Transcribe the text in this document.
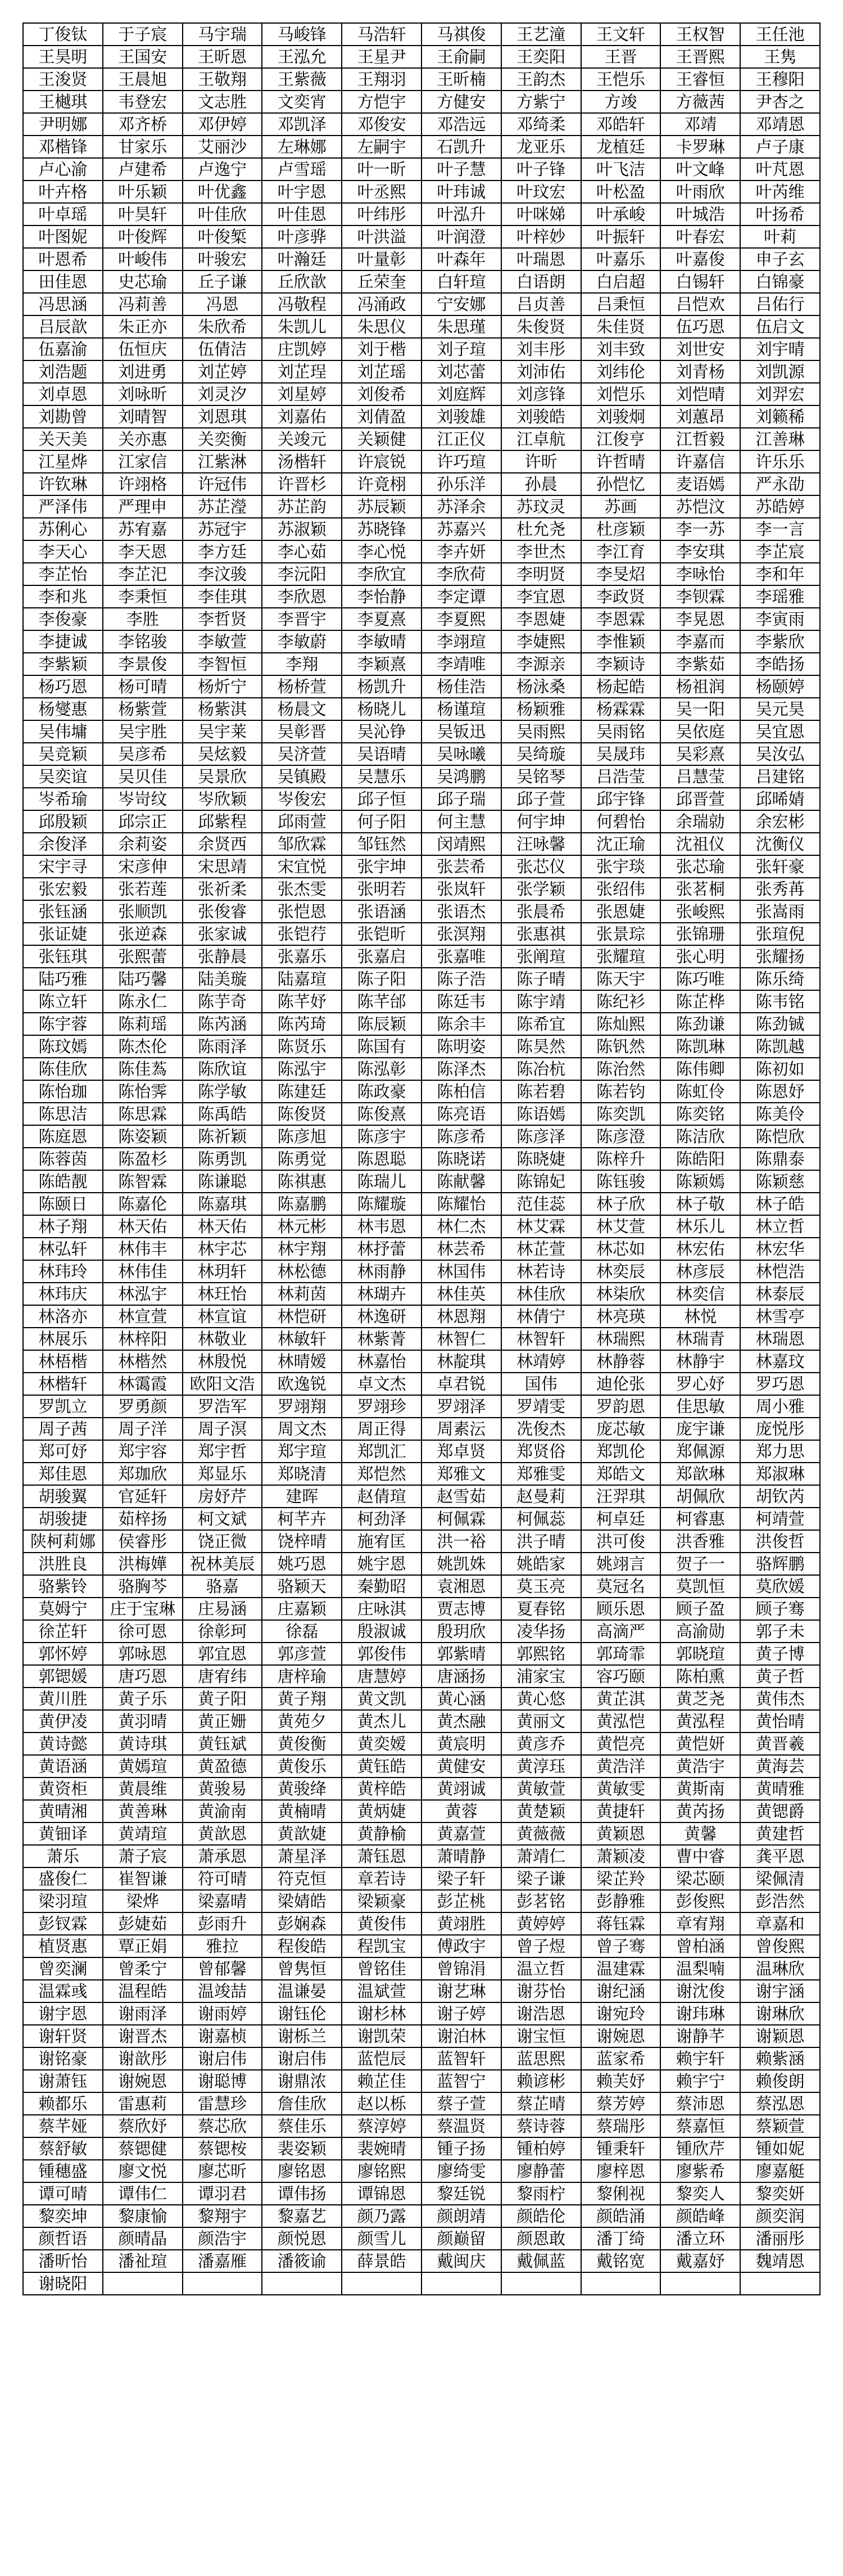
丁俊钛	于子宸	马宇瑞	马峻锋	马浩轩	马祺俊	王艺潼	王文轩	王权智	王任池
王昊明	王国安	王昕恩	王泓允	王星尹	王俞嗣	王奕阳	王晋	王晋熙	王隽
王浚贤	王晨旭	王敬翔	王紫薇	王翔羽	王昕楠	王韵杰	王恺乐	王睿恒	王穆阳
王樾琪	韦登宏	文志胜	文奕宵	方恺宇	方健安	方紫宁	方竣	方薇茜	尹杏之
尹明娜	邓齐桥	邓伊婷	邓凯泽	邓俊安	邓浩远	邓绮柔	邓皓轩	邓靖	邓靖恩
邓楷锋	甘家乐	艾丽沙	左琳娜	左嗣宇	石凯升	龙亚乐	龙植廷	卡罗琳	卢子康
卢心渝	卢建希	卢逸宁	卢雪瑶	叶一昕	叶子慧	叶子锋	叶飞洁	叶文峰	叶芃恩
叶卉格	叶乐颖	叶优鑫	叶宇恩	叶丞熙	叶玮诚	叶玟宏	叶松盈	叶雨欣	叶芮维
叶卓瑶	叶昊轩	叶佳欣	叶佳恩	叶纬彤	叶泓升	叶咪娣	叶承峻	叶城浩	叶扬希
叶图妮	叶俊辉	叶俊椠	叶彦骅	叶洪溢	叶润澄	叶梓妙	叶振轩	叶春宏	叶莉
叶恩希	叶峻伟	叶骏宏	叶瀚廷	叶量彰	叶森年	叶瑞恩	叶嘉乐	叶嘉俊	申子玄
田佳恩	史芯瑜	丘子谦	丘欣歆	丘荣奎	白轩瑄	白语朗	白启超	白锡轩	白锦豪
冯思涵	冯莉善	冯恩	冯敬程	冯涌政	宁安娜	吕贞善	吕秉恒	吕恺欢	吕佑行
吕辰歆	朱正亦	朱欣希	朱凯儿	朱思仪	朱思瑾	朱俊贤	朱佳贤	伍巧恩	伍启文
伍嘉渝	伍恒庆	伍倩洁	庄凯婷	刘于楷	刘子瑄	刘丰彤	刘丰致	刘世安	刘宇晴
刘浩题	刘进勇	刘芷婷	刘芷珵	刘芷瑶	刘芯蕾	刘沛佑	刘纬伦	刘青杨	刘凯源
刘卓恩	刘咏昕	刘灵汐	刘星婷	刘俊希	刘庭辉	刘彦锋	刘恺乐	刘恺晴	刘羿宏
刘勘曾	刘晴智	刘恩琪	刘嘉佑	刘倩盈	刘骏雄	刘骏皓	刘骏炯	刘蕙昂	刘籁稀
关天美	关亦惠	关奕衡	关竣元	关颖健	江正仪	江卓航	江俊亨	江哲毅	江善琳
江星烨	江家信	江紫淋	汤楷轩	许宸锐	许巧瑄	许昕	许哲晴	许嘉信	许乐乐
许钦琳	许翊格	许冠伟	许晋杉	许竟栩	孙乐洋	孙晨	孙恺忆	麦语嫣	严永劭
严泽伟	严理申	苏芷瀅	苏芷韵	苏辰颖	苏泽余	苏玟灵	苏画	苏恺汶	苏皓婷
苏俐心	苏宥嘉	苏冠宇	苏淑颖	苏晓锋	苏嘉兴	杜允尧	杜彦颖	李一苏	李一言
李天心	李天恩	李方廷	李心茹	李心悦	李卉妍	李世杰	李江育	李安琪	李芷宸
李芷怡	李芷汜	李汶骏	李沅阳	李欣宜	李欣荷	李明贤	李旻炤	李咏怡	李和年
李和兆	李秉恒	李佳琪	李欣恩	李怡静	李定谭	李宜恩	李政贤	李钡霖	李瑶雅
李俊豪	李胜	李哲贤	李晋宇	李夏熹	李夏熙	李恩婕	李恩霖	李晃恩	李寅雨
李捷诚	李铭骏	李敏萱	李敏蔚	李敏晴	李翊瑄	李婕熙	李惟颖	李嘉而	李紫欣
李紫颖	李景俊	李智恒	李翔	李颖熹	李靖唯	李源亲	李颖诗	李紫茹	李皓扬
杨巧恩	杨可晴	杨炘宁	杨桥萱	杨凯升	杨佳浩	杨泳桑	杨起皓	杨祖润	杨颐婷
杨燮惠	杨紫萱	杨紫淇	杨晨文	杨晓儿	杨谨瑄	杨颖雅	杨霖霖	吴一阳	吴元昊
吴伟墉	吴宇胜	吴宇莱	吴彰晋	吴沁铮	吴钣迅	吴雨熙	吴雨铭	吴依庭	吴宜恩
吴竞颖	吴彦希	吴炫毅	吴济萱	吴语晴	吴咏曦	吴绮璇	吴晟玮	吴彩熹	吴汝弘
吴奕谊	吴贝佳	吴景欣	吴镇殿	吴慧乐	吴鸿鹏	吴铭琴	吕浩莹	吕慧莹	吕建铭
岑希瑜	岑岢纹	岑欣颖	岑俊宏	邱子恒	邱子瑞	邱子萱	邱宇锋	邱晋萱	邱晞婧
邱殷颖	邱宗正	邱紫程	邱雨萱	何子阳	何主慧	何宇坤	何碧怡	余瑞勍	余宏彬
余俊泽	余莉姿	余贤西	邹欣霖	邹钰然	闵靖熙	汪咏馨	沈正瑜	沈祖仪	沈衡仪
宋宇寻	宋彦伸	宋思靖	宋宜悦	张宇坤	张芸希	张芯仪	张宇琰	张芯瑜	张轩豪
张宏毅	张若莲	张祈柔	张杰雯	张明若	张岚轩	张学颖	张绍伟	张茗桐	张秀苒
张钰涵	张顺凯	张俊睿	张恺恩	张语涵	张语杰	张晨希	张恩婕	张峻熙	张嵩雨
张证婕	张逆森	张家诚	张铠荇	张铠昕	张溟翔	张惠祺	张景琮	张锦珊	张瑄倪
张钰琪	张熙蕾	张静晨	张嘉乐	张嘉启	张嘉唯	张阐瑄	张耀瑄	张心明	张耀扬
陆巧雅	陆巧馨	陆美璇	陆嘉瑄	陈子阳	陈子浩	陈子晴	陈天宇	陈巧唯	陈乐绮
陈立轩	陈永仁	陈芋奇	陈芊妤	陈芊邰	陈廷韦	陈宇靖	陈纪衫	陈芷桦	陈韦铭
陈宇蓉	陈莉瑶	陈芮涵	陈芮琦	陈辰颖	陈余丰	陈希宜	陈灿熙	陈劲谦	陈劲铖
陈玟嫣	陈杰伦	陈雨泽	陈贤乐	陈国有	陈明姿	陈昊然	陈钒然	陈凯琳	陈凯越
陈佳欣	陈佳蒍	陈欣谊	陈泓宇	陈泓彰	陈泽杰	陈冶杭	陈治然	陈伟卿	陈初如
陈怡珈	陈怡霁	陈学敏	陈建廷	陈政豪	陈柏信	陈若碧	陈若钧	陈虹伶	陈恩妤
陈思洁	陈思霖	陈禹皓	陈俊贤	陈俊熹	陈亮语	陈语嫣	陈奕凯	陈奕铭	陈美伶
陈庭恩	陈姿颖	陈祈颖	陈彦旭	陈彦宇	陈彦希	陈彦泽	陈彦澄	陈洁欣	陈恺欣
陈蓉茵	陈盈杉	陈勇凯	陈勇觉	陈恩聪	陈晓诺	陈晓婕	陈梓升	陈皓阳	陈鼎泰
陈皓靓	陈智霖	陈谦聪	陈祺惠	陈瑞儿	陈献馨	陈锦妃	陈钰骏	陈颖嫣	陈颖慈
陈颐日	陈嘉伦	陈嘉琪	陈嘉鹏	陈耀璇	陈耀怡	范佳蕊	林子欣	林子敬	林子皓
林子翔	林天佑	林天佑	林元彬	林韦恩	林仁杰	林艾霖	林艾萱	林乐儿	林立哲
林弘轩	林伟丰	林宇芯	林宇翔	林抒蕾	林芸希	林芷萱	林芯如	林宏佑	林宏华
林玮玲	林伟佳	林玥轩	林松德	林雨静	林国伟	林若诗	林奕辰	林彦辰	林恺浩
林玮庆	林泓宇	林玨怡	林莉茵	林瑚卉	林佳英	林佳欣	林柒欣	林奕信	林泰辰
林洛亦	林宣萱	林宣谊	林恺研	林逸研	林恩翔	林倩宁	林亮瑛	林悦	林雪亭
林展乐	林梓阳	林敬业	林敏轩	林紫菁	林智仁	林智轩	林瑞熙	林瑞青	林瑞恩
林梧楷	林楷然	林殷悦	林晴嫒	林嘉怡	林靛琪	林靖婷	林静蓉	林静宇	林嘉玟
林楷轩	林霭霞	欧阳文浩	欧逸锐	卓文杰	卓君锐	国伟	迪伦张	罗心妤	罗巧恩
罗凯立	罗勇颜	罗浩军	罗翊翔	罗翊珍	罗翊泽	罗靖雯	罗韵恩	佳思敏	周小雅
周子茜	周子洋	周子溟	周文杰	周正得	周素沄	冼俊杰	庞芯敏	庞宇谦	庞悦彤
郑可妤	郑宇容	郑宇哲	郑宇瑄	郑凯汇	郑卓贤	郑贤俗	郑凯伦	郑佩源	郑力思
郑佳恩	郑珈欣	郑显乐	郑晓清	郑恺然	郑雅文	郑雅雯	郑皓文	郑歆琳	郑淑琳
胡骏翼	官延轩	房妤芹	建晖	赵倩瑄	赵雪茹	赵曼莉	汪羿琪	胡佩欣	胡钦芮
胡骏捷	茹梓扬	柯文斌	柯芊卉	柯劲泽	柯佩霖	柯佩蕊	柯卓廷	柯睿惠	柯靖萱
陕柯莉娜	侯睿彤	饶正微	饶梓晴	施宥匡	洪一裕	洪子晴	洪可俊	洪香雅	洪俊哲
洪胜良	洪梅嬅	祝林美辰	姚巧恩	姚宇恩	姚凯姝	姚皓家	姚翊言	贺子一	骆辉鹏
骆紫铃	骆胸芩	骆嘉	骆颖天	秦勤昭	袁湘恩	莫玉亮	莫冠名	莫凯恒	莫欣媛
莫姆宁	庄于宝琳	庄易涵	庄嘉颖	庄咏淇	贾志博	夏春铭	顾乐恩	顾子盈	顾子骞
徐芷轩	徐可恩	徐彰珂	徐磊	殷淑诚	殷玥欣	凌华扬	高滴严	高渝勋	郭子未
郭怀婷	郭咏恩	郭宜恩	郭彦萱	郭俊伟	郭紫晴	郭熙铭	郭琦霏	郭晓瑄	黄子博
郭锶媛	唐巧恩	唐宥纬	唐梓瑜	唐慧婷	唐涵扬	浦家宝	容巧颐	陈柏熏	黄子哲
黄川胜	黄子乐	黄子阳	黄子翔	黄文凯	黄心涵	黄心悠	黄芷淇	黄芝尧	黄伟杰
黄伊凌	黄羽晴	黄正姗	黄苑夕	黄杰儿	黄杰融	黄丽文	黄泓恺	黄泓程	黄怡晴
黄诗懿	黄诗琪	黄钰斌	黄俊衡	黄奕嫒	黄宸明	黄彦乔	黄恺亮	黄恺妍	黄晋羲
黄语涵	黄嫣瑄	黄盈德	黄俊乐	黄钰皓	黄健安	黄淳珏	黄浩洋	黄浩宇	黄海芸
黄资柜	黄晨维	黄骏易	黄骏绛	黄梓皓	黄翊诚	黄敏萱	黄敏雯	黄斯南	黄晴雅
黄晴湘	黄善琳	黄渝南	黄楠晴	黄炳婕	黄蓉	黄楚颖	黄捷轩	黄芮扬	黄锶爵
黄钿译	黄靖瑄	黄歆恩	黄歆婕	黄静榆	黄嘉萱	黄薇薇	黄颖恩	黄馨	黄建哲
萧乐	萧子宸	萧承恩	萧星泽	萧钰恩	萧晴静	萧靖仁	萧颖凌	曹中睿	龚平恩
盛俊仁	崔智谦	符可晴	符克恒	章若诗	梁子轩	梁子谦	梁芷羚	梁芯颐	梁佩清
梁羽瑄	梁烨	梁嘉晴	梁婧皓	梁颖豪	彭芷桃	彭茗铭	彭静雅	彭俊熙	彭浩然
彭钗霖	彭婕茹	彭雨升	彭娴森	黄俊伟	黄翊胜	黄婷婷	蒋钰霖	章宥翔	章嘉和
植贤惠	覃正娟	雅拉	程俊皓	程凯宝	傅政宇	曾子煜	曾子骞	曾柏涵	曾俊熙
曾奕澜	曾柔宁	曾郁馨	曾隽恒	曾铭佳	曾锦涓	温立哲	温建霖	温梨喃	温琳欣
温霖彧	温程皓	温竣喆	温谦晏	温斌萱	谢艺琳	谢芬怡	谢纪涵	谢沈俊	谢宇涵
谢宇恩	谢雨泽	谢雨婷	谢钰伦	谢杉林	谢子婷	谢浩恩	谢宛玲	谢玮琳	谢琳欣
谢轩贤	谢晋杰	谢嘉桢	谢栎兰	谢凯荣	谢泊林	谢宝恒	谢婉恩	谢静芊	谢颖恩
谢铭豪	谢歆彤	谢启伟	谢启伟	蓝恺辰	蓝智轩	蓝思熙	蓝家希	赖宇轩	赖紫涵
谢萧钰	谢婉恩	谢聪博	谢鼎浓	赖芷佳	蓝智宁	赖谚彬	赖芙妤	赖宇宁	赖俊朗
赖都乐	雷惠莉	雷慧珍	詹佳欣	赵以栎	蔡子萱	蔡芷晴	蔡芳婷	蔡沛恩	蔡泓恩
蔡芊娅	蔡欣妤	蔡芯欣	蔡佳乐	蔡淳婷	蔡温贤	蔡诗蓉	蔡瑞彤	蔡嘉恒	蔡颖萱
蔡舒敏	蔡锶健	蔡锶桉	裴姿颖	裴婉晴	锺子扬	锺柏婷	锺秉轩	锺欣芹	锺如妮
锺穗盛	廖文悦	廖芯昕	廖铭恩	廖铭熙	廖绮雯	廖静蕾	廖梓恩	廖紫希	廖嘉艇
谭可晴	谭伟仁	谭羽君	谭伟扬	谭锦恩	黎廷锐	黎雨柠	黎俐视	黎奕人	黎奕妍
黎奕坤	黎康愉	黎翔宇	黎嘉艺	颜乃露	颜朗靖	颜皓伦	颜皓涌	颜皓峰	颜奕润
颜哲语	颜晴晶	颜浩宇	颜悦恩	颜雪儿	颜巅留	颜恩敢	潘丁绮	潘立环	潘丽彤
潘昕怡	潘祉瑄	潘嘉雁	潘筱谕	薛景皓	戴闽庆	戴佩蓝	戴铭宽	戴嘉妤	魏靖恩
谢晓阳									
